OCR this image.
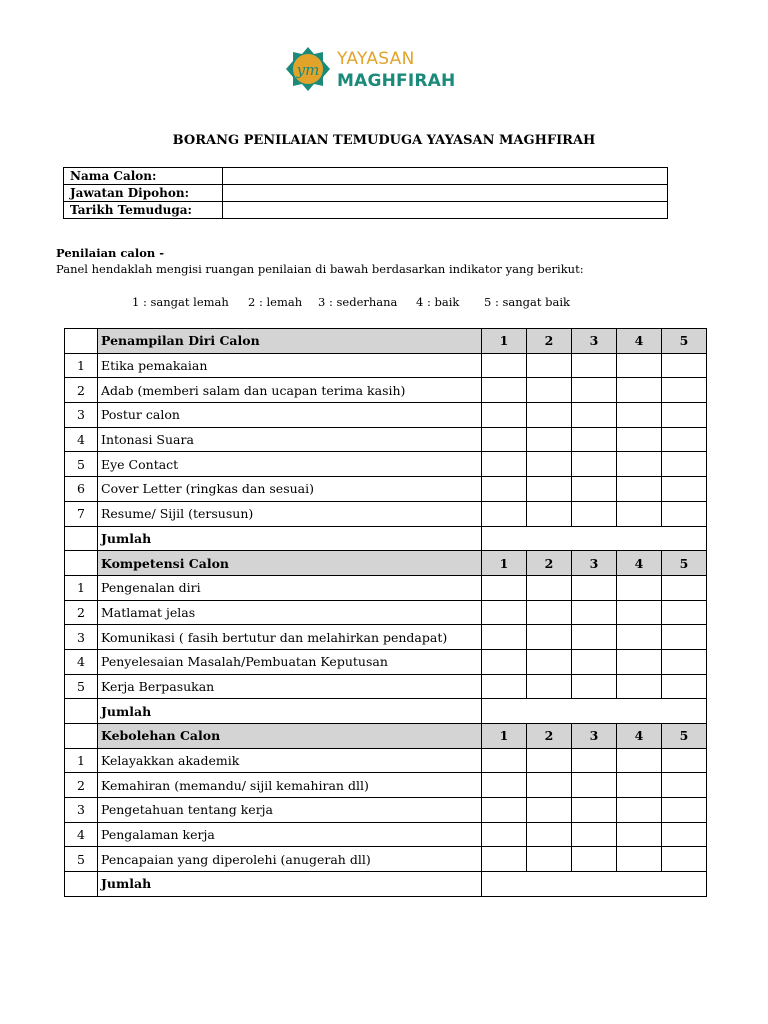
ym
YAYASAN
MAGHFIRAH
BORANG PENILAIAN TEMUDUGA YAYASAN MAGHFIRAH
Nama Calon:	
Jawatan Dipohon:	
Tarikh Temuduga:	
Penilaian calon -
Panel hendaklah mengisi ruangan penilaian di bawah berdasarkan indikator yang berikut:
1 : sangat lemah 2 : lemah 3 : sederhana 4 : baik 5 : sangat baik
	Penampilan Diri Calon	1	2	3	4	5
1	Etika pemakaian					
2	Adab (memberi salam dan ucapan terima kasih)					
3	Postur calon					
4	Intonasi Suara					
5	Eye Contact					
6	Cover Letter (ringkas dan sesuai)					
7	Resume/ Sijil (tersusun)					
	Jumlah					
	Kompetensi Calon	1	2	3	4	5
1	Pengenalan diri					
2	Matlamat jelas					
3	Komunikasi ( fasih bertutur dan melahirkan pendapat)					
4	Penyelesaian Masalah/Pembuatan Keputusan					
5	Kerja Berpasukan					
	Jumlah					
	Kebolehan Calon	1	2	3	4	5
1	Kelayakkan akademik					
2	Kemahiran (memandu/ sijil kemahiran dll)					
3	Pengetahuan tentang kerja					
4	Pengalaman kerja					
5	Pencapaian yang diperolehi (anugerah dll)					
	Jumlah					
